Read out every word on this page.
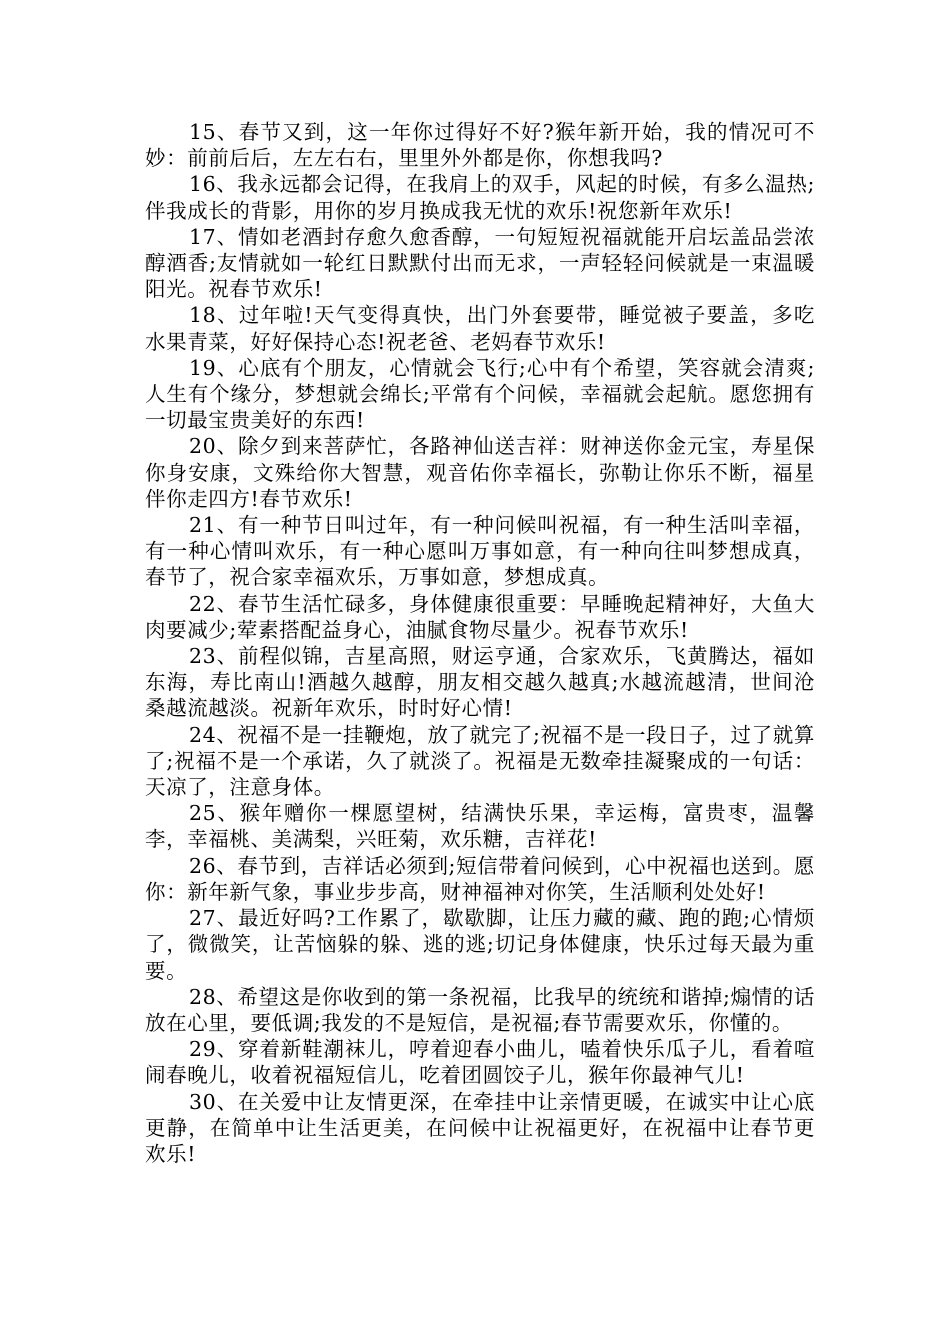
15、春节又到，这一年你过得好不好?猴年新开始，我的情况可不妙：前前后后，左左右右，里里外外都是你，你想我吗?

16、我永远都会记得，在我肩上的双手，风起的时候，有多么温热;伴我成长的背影，用你的岁月换成我无忧的欢乐!祝您新年欢乐!

17、情如老酒封存愈久愈香醇，一句短短祝福就能开启坛盖品尝浓醇酒香;友情就如一轮红日默默付出而无求，一声轻轻问候就是一束温暖阳光。祝春节欢乐!

18、过年啦!天气变得真快，出门外套要带，睡觉被子要盖，多吃水果青菜，好好保持心态!祝老爸、老妈春节欢乐!

19、心底有个朋友，心情就会飞行;心中有个希望，笑容就会清爽;人生有个缘分，梦想就会绵长;平常有个问候，幸福就会起航。愿您拥有一切最宝贵美好的东西!

20、除夕到来菩萨忙，各路神仙送吉祥：财神送你金元宝，寿星保你身安康，文殊给你大智慧，观音佑你幸福长，弥勒让你乐不断，福星伴你走四方!春节欢乐!

21、有一种节日叫过年，有一种问候叫祝福，有一种生活叫幸福，有一种心情叫欢乐，有一种心愿叫万事如意，有一种向往叫梦想成真，春节了，祝合家幸福欢乐，万事如意，梦想成真。

22、春节生活忙碌多，身体健康很重要：早睡晚起精神好，大鱼大肉要减少;荤素搭配益身心，油腻食物尽量少。祝春节欢乐!

23、前程似锦，吉星高照，财运亨通，合家欢乐，飞黄腾达，福如东海，寿比南山!酒越久越醇，朋友相交越久越真;水越流越清，世间沧桑越流越淡。祝新年欢乐，时时好心情!

24、祝福不是一挂鞭炮，放了就完了;祝福不是一段日子，过了就算了;祝福不是一个承诺，久了就淡了。祝福是无数牵挂凝聚成的一句话：天凉了，注意身体。

25、猴年赠你一棵愿望树，结满快乐果，幸运梅，富贵枣，温馨李，幸福桃、美满梨，兴旺菊，欢乐糖，吉祥花!

26、春节到，吉祥话必须到;短信带着问候到，心中祝福也送到。愿你：新年新气象，事业步步高，财神福神对你笑，生活顺利处处好!

27、最近好吗?工作累了，歇歇脚，让压力藏的藏、跑的跑;心情烦了，微微笑，让苦恼躲的躲、逃的逃;切记身体健康，快乐过每天最为重要。

28、希望这是你收到的第一条祝福，比我早的统统和谐掉;煽情的话放在心里，要低调;我发的不是短信，是祝福;春节需要欢乐，你懂的。

29、穿着新鞋潮袜儿，哼着迎春小曲儿，嗑着快乐瓜子儿，看着喧闹春晚儿，收着祝福短信儿，吃着团圆饺子儿，猴年你最神气儿!

30、在关爱中让友情更深，在牵挂中让亲情更暖，在诚实中让心底更静，在简单中让生活更美，在问候中让祝福更好，在祝福中让春节更欢乐!
